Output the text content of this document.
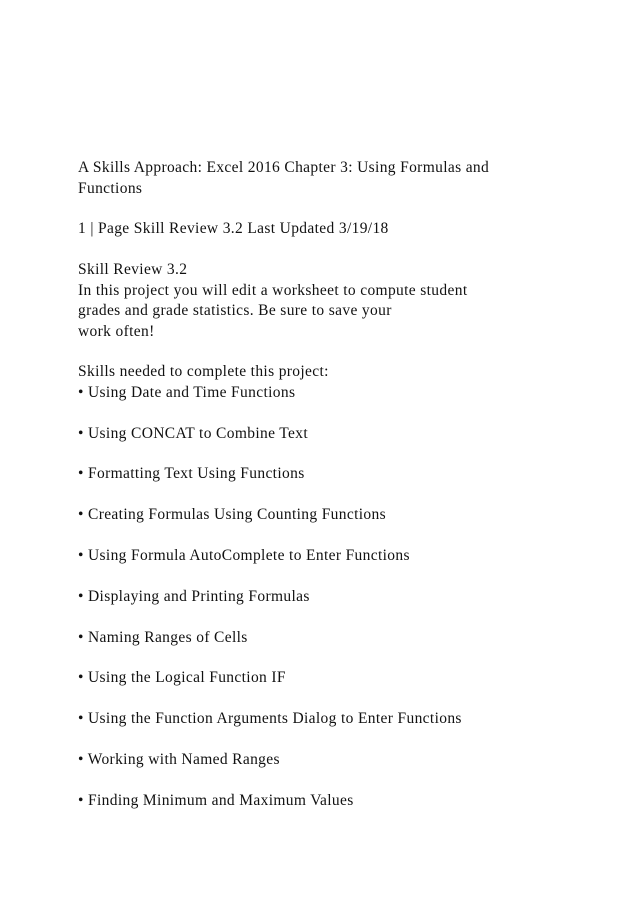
A Skills Approach: Excel 2016 Chapter 3: Using Formulas and
Functions
1 | Page Skill Review 3.2 Last Updated 3/19/18
Skill Review 3.2
In this project you will edit a worksheet to compute student
grades and grade statistics. Be sure to save your
work often!
Skills needed to complete this project:
• Using Date and Time Functions
• Using CONCAT to Combine Text
• Formatting Text Using Functions
• Creating Formulas Using Counting Functions
• Using Formula AutoComplete to Enter Functions
• Displaying and Printing Formulas
• Naming Ranges of Cells
• Using the Logical Function IF
• Using the Function Arguments Dialog to Enter Functions
• Working with Named Ranges
• Finding Minimum and Maximum Values
